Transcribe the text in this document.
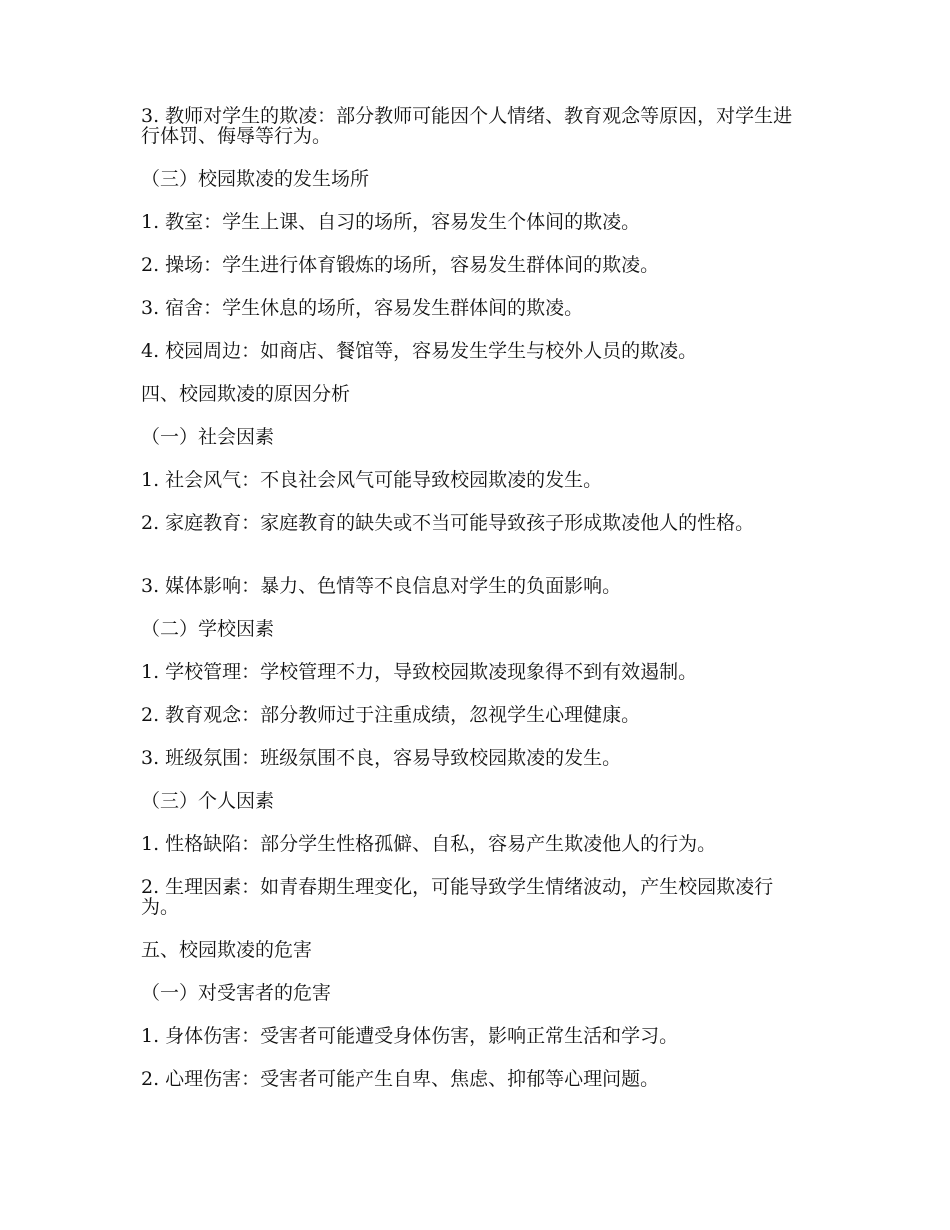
3. 教师对学生的欺凌：部分教师可能因个人情绪、教育观念等原因，对学生进行体罚、侮辱等行为。

（三）校园欺凌的发生场所

1. 教室：学生上课、自习的场所，容易发生个体间的欺凌。

2. 操场：学生进行体育锻炼的场所，容易发生群体间的欺凌。

3. 宿舍：学生休息的场所，容易发生群体间的欺凌。

4. 校园周边：如商店、餐馆等，容易发生学生与校外人员的欺凌。

四、校园欺凌的原因分析

（一）社会因素

1. 社会风气：不良社会风气可能导致校园欺凌的发生。

2. 家庭教育：家庭教育的缺失或不当可能导致孩子形成欺凌他人的性格。

3. 媒体影响：暴力、色情等不良信息对学生的负面影响。

（二）学校因素

1. 学校管理：学校管理不力，导致校园欺凌现象得不到有效遏制。

2. 教育观念：部分教师过于注重成绩，忽视学生心理健康。

3. 班级氛围：班级氛围不良，容易导致校园欺凌的发生。

（三）个人因素

1. 性格缺陷：部分学生性格孤僻、自私，容易产生欺凌他人的行为。

2. 生理因素：如青春期生理变化，可能导致学生情绪波动，产生校园欺凌行为。

五、校园欺凌的危害

（一）对受害者的危害

1. 身体伤害：受害者可能遭受身体伤害，影响正常生活和学习。

2. 心理伤害：受害者可能产生自卑、焦虑、抑郁等心理问题。
